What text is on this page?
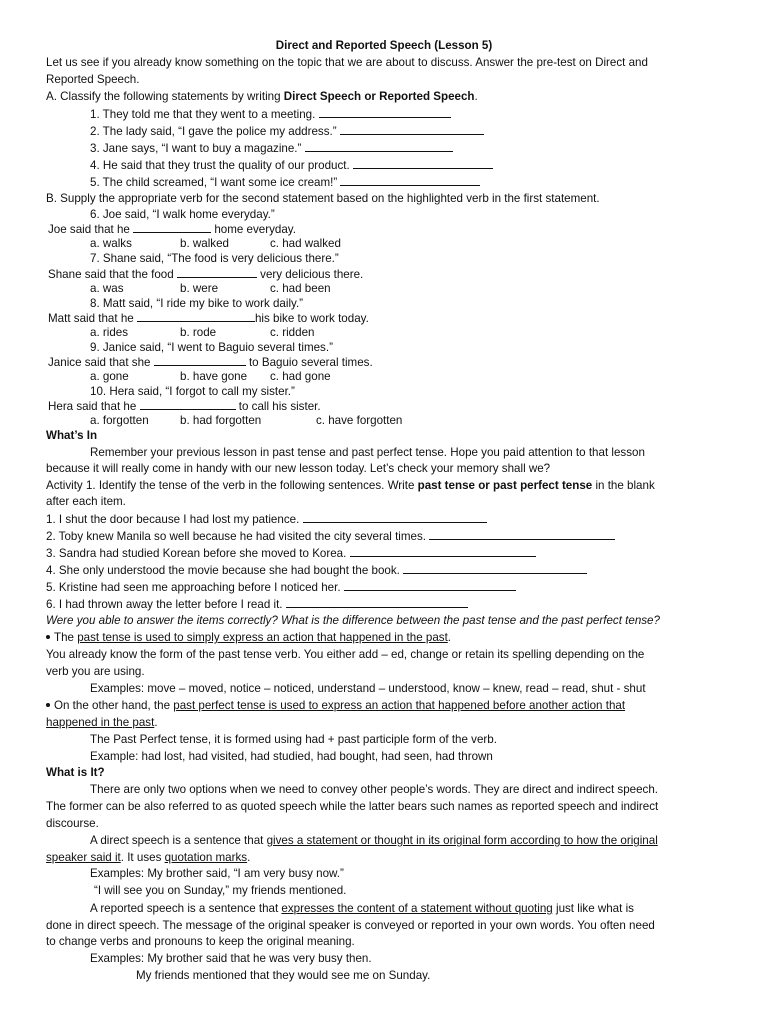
Direct and Reported Speech (Lesson 5)
Let us see if you already know something on the topic that we are about to discuss. Answer the pre-test on Direct and
Reported Speech.
A. Classify the following statements by writing Direct Speech or Reported Speech.
1. They told me that they went to a meeting.
2. The lady said, “I gave the police my address.”
3. Jane says, “I want to buy a magazine.”
4. He said that they trust the quality of our product.
5. The child screamed, “I want some ice cream!”
B. Supply the appropriate verb for the second statement based on the highlighted verb in the first statement.
6. Joe said, “I walk home everyday.”
Joe said that he	home everyday.
a. walks	b. walked	c. had walked
7. Shane said, “The food is very delicious there.”
Shane said that the food	very delicious there.
a. was	b. were	c. had been
8. Matt said, “I ride my bike to work daily.”
Matt said that he	his bike to work today.
a. rides	b. rode	c. ridden
9. Janice said, “I went to Baguio several times.”
Janice said that she	to Baguio several times.
a. gone	b. have gone c. had gone
10. Hera said, “I forgot to call my sister.”
Hera said that he	to call his sister.
a. forgotten	b. had forgotten	c. have forgotten
What’s In
Remember your previous lesson in past tense and past perfect tense. Hope you paid attention to that lesson
because it will really come in handy with our new lesson today. Let’s check your memory shall we?
Activity 1. Identify the tense of the verb in the following sentences. Write past tense or past perfect tense in the blank
after each item.
1. I shut the door because I had lost my patience.
2. Toby knew Manila so well because he had visited the city several times.
3. Sandra had studied Korean before she moved to Korea.
4. She only understood the movie because she had bought the book.
5. Kristine had seen me approaching before I noticed her.
6. I had thrown away the letter before I read it.
Were you able to answer the items correctly? What is the difference between the past tense and the past perfect tense?
The past tense is used to simply express an action that happened in the past.
You already know the form of the past tense verb. You either add – ed, change or retain its spelling depending on the
verb you are using.
Examples: move – moved, notice – noticed, understand – understood, know – knew, read – read, shut - shut
On the other hand, the past perfect tense is used to express an action that happened before another action that
happened in the past.
The Past Perfect tense, it is formed using had + past participle form of the verb.
Example: had lost, had visited, had studied, had bought, had seen, had thrown
What is It?
There are only two options when we need to convey other people’s words. They are direct and indirect speech.
The former can be also referred to as quoted speech while the latter bears such names as reported speech and indirect
discourse.
A direct speech is a sentence that gives a statement or thought in its original form according to how the original
speaker said it. It uses quotation marks.
Examples: My brother said, “I am very busy now.”
“I will see you on Sunday,” my friends mentioned.
A reported speech is a sentence that expresses the content of a statement without quoting just like what is
done in direct speech. The message of the original speaker is conveyed or reported in your own words. You often need
to change verbs and pronouns to keep the original meaning.
Examples: My brother said that he was very busy then.
My friends mentioned that they would see me on Sunday.
